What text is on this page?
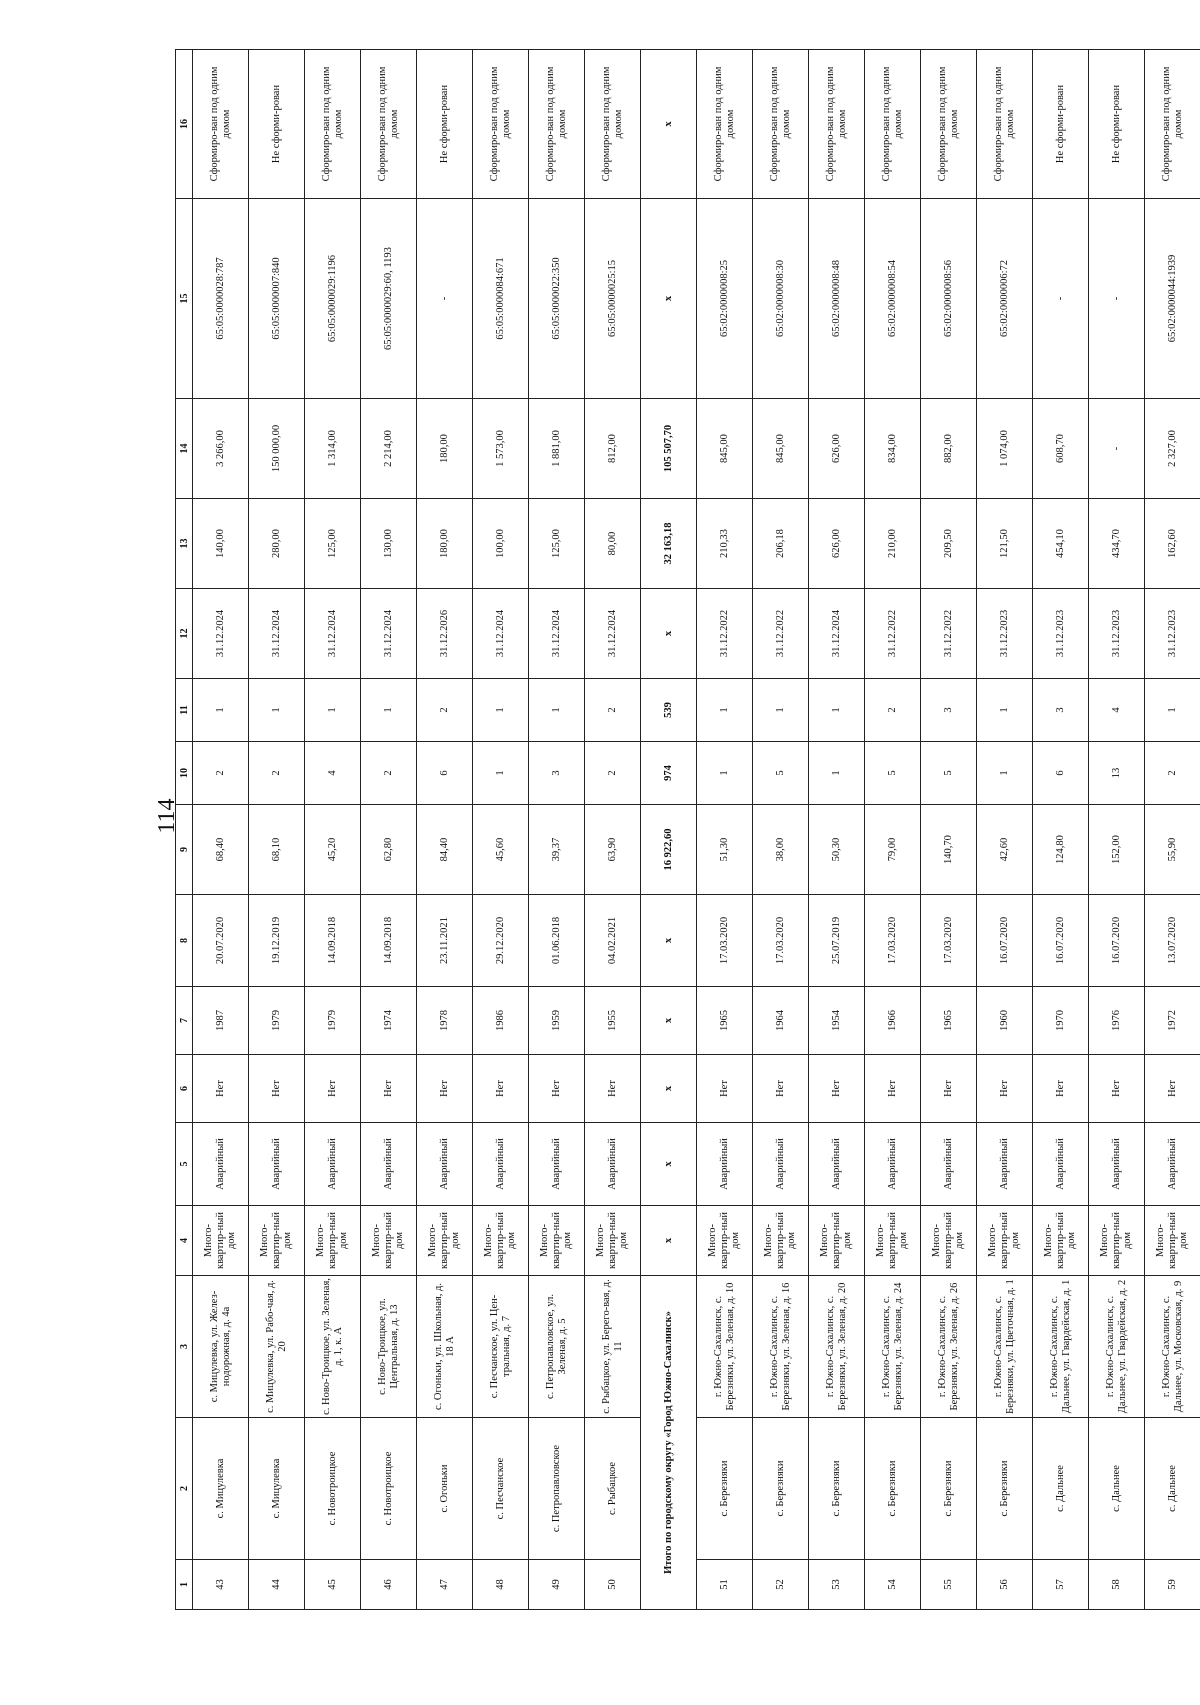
114
1	2	3	4	5	6	7	8	9	10	11	12	13	14	15	16
43	с. Мицулевка	с. Мицулевка, ул. Желез-нодорожная, д. 4а	Много-квартир-ный дом	Аварийный	Нет	1987	20.07.2020	68,40	2	1	31.12.2024	140,00	3 266,00	65:05:0000028:787	Сформиро-ван под одним домом
44	с. Мицулевка	с. Мицулевка, ул. Рабо-чая, д. 20	Много-квартир-ный дом	Аварийный	Нет	1979	19.12.2019	68,10	2	1	31.12.2024	280,00	150 000,00	65:05:0000007:840	Не сформи-рован
45	с. Новотроицкое	с. Ново-Троицкое, ул. Зеленая, д. 1, к. А	Много-квартир-ный дом	Аварийный	Нет	1979	14.09.2018	45,20	4	1	31.12.2024	125,00	1 314,00	65:05:0000029:1196	Сформиро-ван под одним домом
46	с. Новотроицкое	с. Ново-Троицкое, ул. Центральная, д. 13	Много-квартир-ный дом	Аварийный	Нет	1974	14.09.2018	62,80	2	1	31.12.2024	130,00	2 214,00	65:05:0000029:60, 1193	Сформиро-ван под одним домом
47	с. Огоньки	с. Огоньки, ул. Школьная, д. 18 А	Много-квартир-ный дом	Аварийный	Нет	1978	23.11.2021	84,40	6	2	31.12.2026	180,00	180,00	-	Не сформи-рован
48	с. Песчанское	с. Песчанское, ул. Цен-тральная, д. 7	Много-квартир-ный дом	Аварийный	Нет	1986	29.12.2020	45,60	1	1	31.12.2024	100,00	1 573,00	65:05:0000084:671	Сформиро-ван под одним домом
49	с. Петропавловское	с. Петропавловское, ул. Зеленая, д. 5	Много-квартир-ный дом	Аварийный	Нет	1959	01.06.2018	39,37	3	1	31.12.2024	125,00	1 881,00	65:05:0000022:350	Сформиро-ван под одним домом
50	с. Рыбацкое	с. Рыбацкое, ул. Берего-вая, д. 11	Много-квартир-ный дом	Аварийный	Нет	1955	04.02.2021	63,90	2	2	31.12.2024	80,00	812,00	65:05:0000025:15	Сформиро-ван под одним домом
Итого по городскому округу «Город Южно-Сахалинск»			х	х	х	х	х	16 922,60	974	539	х	32 163,18	105 507,70	х	х
51	с. Березняки	г. Южно-Сахалинск, с. Березняки, ул. Зеленая, д. 10	Много-квартир-ный дом	Аварийный	Нет	1965	17.03.2020	51,30	1	1	31.12.2022	210,33	845,00	65:02:0000008:25	Сформиро-ван под одним домом
52	с. Березняки	г. Южно-Сахалинск, с. Березняки, ул. Зеленая, д. 16	Много-квартир-ный дом	Аварийный	Нет	1964	17.03.2020	38,00	5	1	31.12.2022	206,18	845,00	65:02:0000008:30	Сформиро-ван под одним домом
53	с. Березняки	г. Южно-Сахалинск, с. Березняки, ул. Зеленая, д. 20	Много-квартир-ный дом	Аварийный	Нет	1954	25.07.2019	50,30	1	1	31.12.2024	626,00	626,00	65:02:0000008:48	Сформиро-ван под одним домом
54	с. Березняки	г. Южно-Сахалинск, с. Березняки, ул. Зеленая, д. 24	Много-квартир-ный дом	Аварийный	Нет	1966	17.03.2020	79,00	5	2	31.12.2022	210,00	834,00	65:02:0000008:54	Сформиро-ван под одним домом
55	с. Березняки	г. Южно-Сахалинск, с. Березняки, ул. Зеленая, д. 26	Много-квартир-ный дом	Аварийный	Нет	1965	17.03.2020	140,70	5	3	31.12.2022	209,50	882,00	65:02:0000008:56	Сформиро-ван под одним домом
56	с. Березняки	г. Южно-Сахалинск, с. Березняки, ул. Цветочная, д. 1	Много-квартир-ный дом	Аварийный	Нет	1960	16.07.2020	42,60	1	1	31.12.2023	121,50	1 074,00	65:02:0000006:72	Сформиро-ван под одним домом
57	с. Дальнее	г. Южно-Сахалинск, с. Дальнее, ул. Гвардейская, д. 1	Много-квартир-ный дом	Аварийный	Нет	1970	16.07.2020	124,80	6	3	31.12.2023	454,10	608,70	-	Не сформи-рован
58	с. Дальнее	г. Южно-Сахалинск, с. Дальнее, ул. Гвардейская, д. 2	Много-квартир-ный дом	Аварийный	Нет	1976	16.07.2020	152,00	13	4	31.12.2023	434,70	-	-	Не сформи-рован
59	с. Дальнее	г. Южно-Сахалинск, с. Дальнее, ул. Московская, д. 9	Много-квартир-ный дом	Аварийный	Нет	1972	13.07.2020	55,90	2	1	31.12.2023	162,60	2 327,00	65:02:0000044:1939	Сформиро-ван под одним домом
